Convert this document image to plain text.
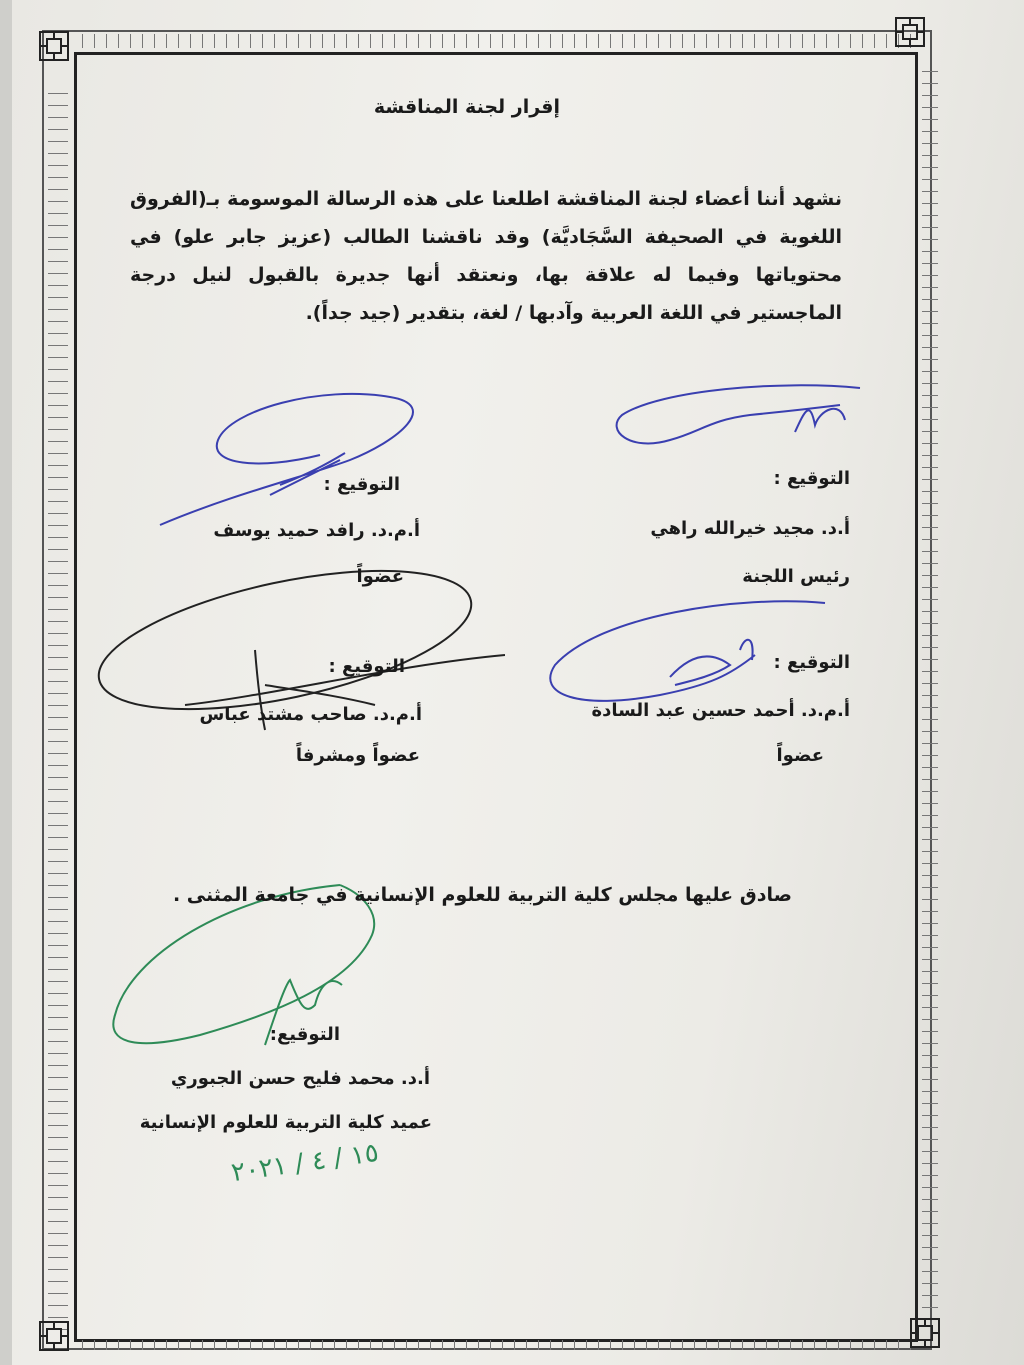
إقرار لجنة المناقشة
نشهد أننا أعضاء لجنة المناقشة اطلعنا على هذه الرسالة الموسومة بـ(الفروق اللغوية في الصحيفة السَّجَاديَّة) وقد ناقشنا الطالب (عزيز جابر علو) في محتوياتها وفيما له علاقة بها، ونعتقد أنها جديرة بالقبول لنيل درجة الماجستير في اللغة العربية وآدبها / لغة، بتقدير (جيد جداً).
١٥ / ٤ / ٢٠٢١
التوقيع :
أ.د. مجيد خيرالله راهي
رئيس اللجنة
التوقيع :
أ.م.د. رافد حميد يوسف
عضواً
التوقيع :
أ.م.د. أحمد حسين عبد السادة
عضواً
التوقيع :
أ.م.د. صاحب مشتد عباس
عضواً ومشرفاً
صادق عليها مجلس كلية التربية للعلوم الإنسانية في جامعة المثنى .
التوقيع:
أ.د. محمد فليح حسن الجبوري
عميد كلية التربية للعلوم الإنسانية
